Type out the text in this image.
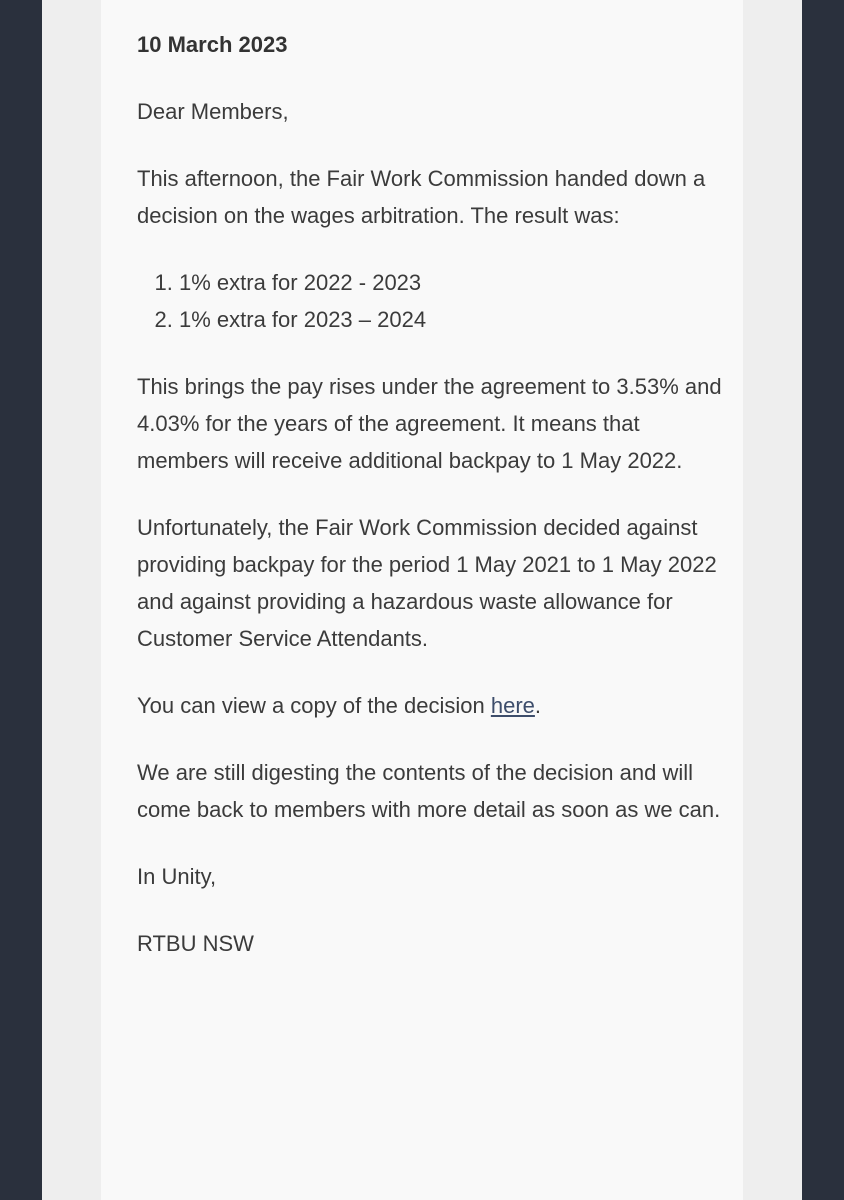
10 March 2023

Dear Members,

This afternoon, the Fair Work Commission handed down a decision on the wages arbitration. The result was:

1. 1% extra for 2022 - 2023
2. 1% extra for 2023 – 2024

This brings the pay rises under the agreement to 3.53% and 4.03% for the years of the agreement. It means that members will receive additional backpay to 1 May 2022.

Unfortunately, the Fair Work Commission decided against providing backpay for the period 1 May 2021 to 1 May 2022 and against providing a hazardous waste allowance for Customer Service Attendants.

You can view a copy of the decision here.

We are still digesting the contents of the decision and will come back to members with more detail as soon as we can.

In Unity,

RTBU NSW
